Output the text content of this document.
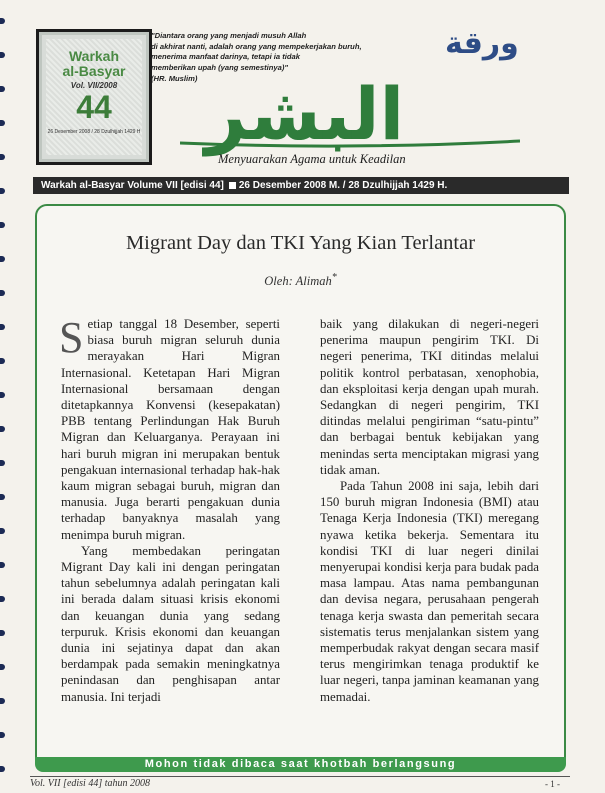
Warkah
al-Basyar
Vol. VII/2008
44
26 Desember 2008 / 28 Dzulhijjah 1429 H
"Diantara orang yang menjadi musuh Allah
di akhirat nanti, adalah orang yang mempekerjakan buruh,
menerima manfaat darinya, tetapi ia tidak
memberikan upah (yang semestinya)"
(HR. Muslim)
ورقة
البشر
Menyuarakan Agama untuk Keadilan
Warkah al-Basyar Volume VII [edisi 44] 26 Desember 2008 M. / 28 Dzulhijjah 1429 H.
Migrant Day dan TKI Yang Kian Terlantar
Oleh: Alimah*

Setiap tanggal 18 Desember, seperti biasa buruh migran seluruh dunia merayakan Hari Migran Internasional. Ketetapan Hari Migran Internasional bersamaan dengan ditetapkannya Konvensi (kesepakatan) PBB tentang Perlindungan Hak Buruh Migran dan Keluarganya. Perayaan ini hari buruh migran ini merupakan bentuk pengakuan internasional terhadap hak-hak kaum migran sebagai buruh, migran dan manusia. Juga berarti pengakuan dunia terhadap banyaknya masalah yang menimpa buruh migran.

Yang membedakan peringatan Migrant Day kali ini dengan peringatan tahun sebelumnya adalah peringatan kali ini berada dalam situasi krisis ekonomi dan keuangan dunia yang sedang terpuruk. Krisis ekonomi dan keuangan dunia ini sejatinya dapat dan akan berdampak pada semakin meningkatnya penindasan dan penghisapan antar manusia. Ini terjadi

baik yang dilakukan di negeri-negeri penerima maupun pengirim TKI. Di negeri penerima, TKI ditindas melalui politik kontrol perbatasan, xenophobia, dan eksploitasi kerja dengan upah murah. Sedangkan di negeri pengirim, TKI ditindas melalui pengiriman “satu-pintu” dan berbagai bentuk kebijakan yang menindas serta menciptakan migrasi yang tidak aman.

Pada Tahun 2008 ini saja, lebih dari 150 buruh migran Indonesia (BMI) atau Tenaga Kerja Indonesia (TKI) meregang nyawa ketika bekerja. Sementara itu kondisi TKI di luar negeri dinilai menyerupai kondisi kerja para budak pada masa lampau. Atas nama pembangunan dan devisa negara, perusahaan pengerah tenaga kerja swasta dan pemeritah secara sistematis terus menjalankan sistem yang memperbudak rakyat dengan secara masif terus mengirimkan tenaga produktif ke luar negeri, tanpa jaminan keamanan yang memadai.

Mohon tidak dibaca saat khotbah berlangsung
Vol. VII [edisi 44] tahun 2008	- 1 -
